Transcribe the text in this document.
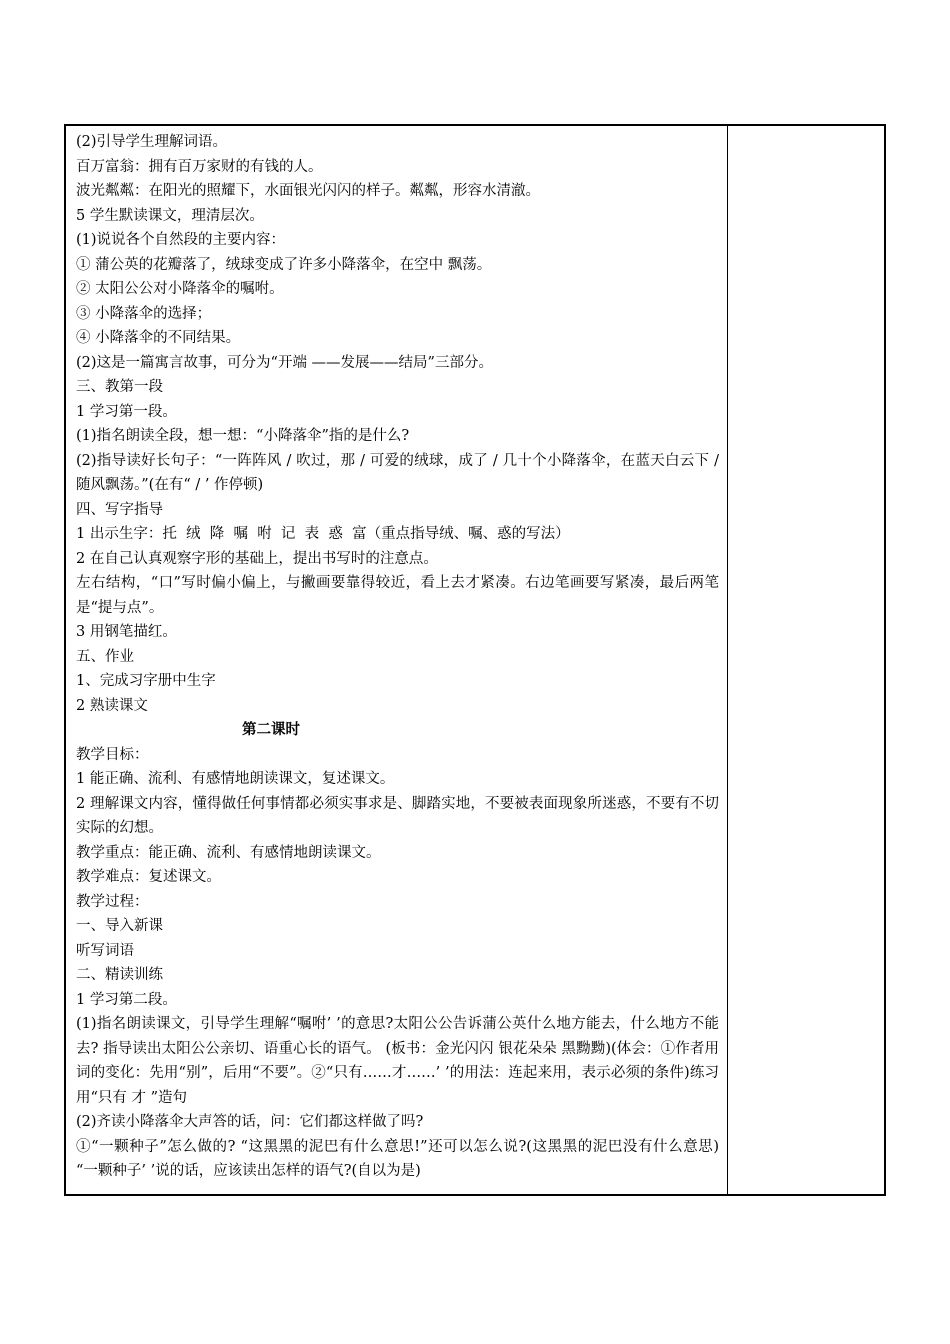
(2)引导学生理解词语。
百万富翁：拥有百万家财的有钱的人。
波光粼粼：在阳光的照耀下，水面银光闪闪的样子。粼粼，形容水清澈。
5 学生默读课文，理清层次。
(1)说说各个自然段的主要内容：
① 蒲公英的花瓣落了，绒球变成了许多小降落伞，在空中 飘荡。
② 太阳公公对小降落伞的嘱咐。
③ 小降落伞的选择；
④ 小降落伞的不同结果。
(2)这是一篇寓言故事，可分为“开端 ——发展——结局”三部分。
三、教第一段
1 学习第一段。
(1)指名朗读全段，想一想：“小降落伞”指的是什么?
(2)指导读好长句子：“一阵阵风 / 吹过，那 / 可爱的绒球，成了 / 几十个小降落伞，在蓝天白云下 / 随风飘荡。”(在有“ / ’ 作停顿)
四、写字指导
1 出示生字：托  绒  降  嘱  咐  记  表  惑  富（重点指导绒、嘱、惑的写法）
2 在自己认真观察字形的基础上，提出书写时的注意点。
左右结构，“口”写时偏小偏上，与撇画要靠得较近，看上去才紧凑。右边笔画要写紧凑，最后两笔是“提与点”。
3 用钢笔描红。
五、作业
1、完成习字册中生字
2 熟读课文
第二课时
教学目标：
1 能正确、流利、有感情地朗读课文，复述课文。
2 理解课文内容，懂得做任何事情都必须实事求是、脚踏实地，不要被表面现象所迷惑，不要有不切实际的幻想。
教学重点：能正确、流利、有感情地朗读课文。
教学难点：复述课文。
教学过程：
一、导入新课
听写词语
二、精读训练
1 学习第二段。
(1)指名朗读课文，引导学生理解“嘱咐’ ’的意思?太阳公公告诉蒲公英什么地方能去，什么地方不能去? 指导读出太阳公公亲切、语重心长的语气。 (板书：金光闪闪 银花朵朵 黑黝黝)(体会：①作者用词的变化：先用“别”，后用“不要”。②“只有……才……’ ’的用法：连起来用，表示必须的条件)练习用“只有 才 ”造句
(2)齐读小降落伞大声答的话，问：它们都这样做了吗?
①“一颗种子”怎么做的? “这黑黑的泥巴有什么意思!”还可以怎么说?(这黑黑的泥巴没有什么意思) “一颗种子’ ’说的话，应该读出怎样的语气?(自以为是)
